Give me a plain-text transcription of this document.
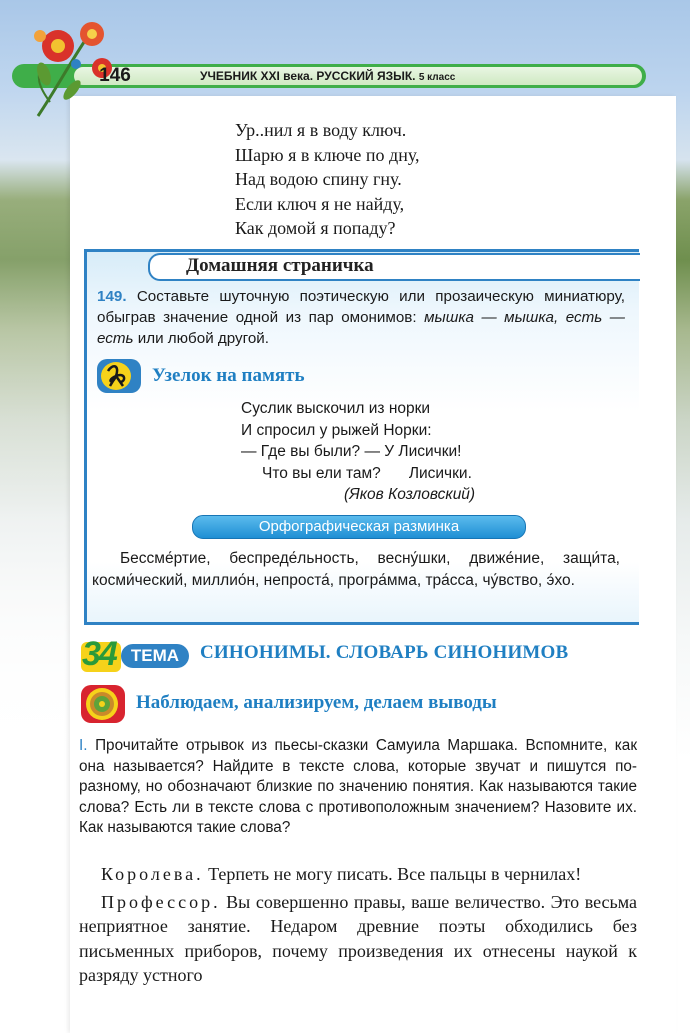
146	УЧЕБНИК XXI века. РУССКИЙ ЯЗЫК. 5 класс
Ур..нил я в воду ключ.
Шарю я в ключе по дну,
Над водою спину гну.
Если ключ я не найду,
Как домой я попаду?
Домашняя страничка
149. Составьте шуточную поэтическую или прозаическую миниатюру, обыграв значение одной из пар омонимов: мышка — мышка, есть — есть или любой другой.
Узелок на память
Суслик выскочил из норки
И спросил у рыжей Норки:
— Где вы были? — У Лисички!
Что вы ели там? Лисички.
(Яков Козловский)
Орфографическая разминка
Бессме́ртие, беспреде́льность, весну́шки, движе́ние, защи́та, косми́ческий, миллио́н, непроста́, програ́мма, тра́сса, чу́вство, э́хо.
34 ТЕМА	СИНОНИМЫ. СЛОВАРЬ СИНОНИМОВ
Наблюдаем, анализируем, делаем выводы
I. Прочитайте отрывок из пьесы-сказки Самуила Маршака. Вспомните, как она называется? Найдите в тексте слова, которые звучат и пишутся по-разному, но обозначают близкие по значению понятия. Как называются такие слова? Есть ли в тексте слова с противоположным значением? Назовите их. Как называются такие слова?

Королева. Терпеть не могу писать. Все пальцы в чернилах!

Профессор. Вы совершенно правы, ваше величество. Это весьма неприятное занятие. Недаром древние поэты обходились без письменных приборов, почему произведения их отнесены наукой к разряду устного
